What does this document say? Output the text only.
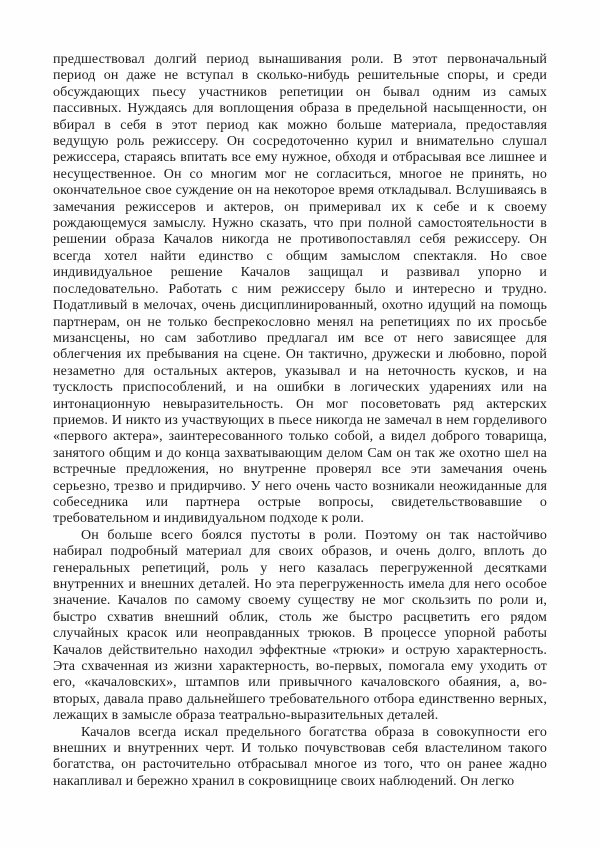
предшествовал долгий период вынашивания роли. В этот первоначальный период он даже не вступал в сколько-нибудь решительные споры, и среди обсуждающих пьесу участников репетиции он бывал одним из самых пассивных. Нуждаясь для воплощения образа в предельной насыщенности, он вбирал в себя в этот период как можно больше материала, предоставляя ведущую роль режиссеру. Он сосредоточенно курил и внимательно слушал режиссера, стараясь впитать все ему нужное, обходя и отбрасывая все лишнее и несущественное. Он со многим мог не согласиться, многое не принять, но окончательное свое суждение он на некоторое время откладывал. Вслушиваясь в замечания режиссеров и актеров, он примеривал их к себе и к своему рождающемуся замыслу. Нужно сказать, что при полной самостоятельности в решении образа Качалов никогда не противопоставлял себя режиссеру. Он всегда хотел найти единство с общим замыслом спектакля. Но свое индивидуальное решение Качалов защищал и развивал упорно и последовательно. Работать с ним режиссеру было и интересно и трудно. Податливый в мелочах, очень дисциплинированный, охотно идущий на помощь партнерам, он не только беспрекословно менял на репетициях по их просьбе мизансцены, но сам заботливо предлагал им все от него зависящее для облегчения их пребывания на сцене. Он тактично, дружески и любовно, порой незаметно для остальных актеров, указывал и на неточность кусков, и на тусклость приспособлений, и на ошибки в логических ударениях или на интонационную невыразительность. Он мог посоветовать ряд актерских приемов. И никто из участвующих в пьесе никогда не замечал в нем горделивого «первого актера», заинтересованного только собой, а видел доброго товарища, занятого общим и до конца захватывающим делом Сам он так же охотно шел на встречные предложения, но внутренне проверял все эти замечания очень серьезно, трезво и придирчиво. У него очень часто возникали неожиданные для собеседника или партнера острые вопросы, свидетельствовавшие о требовательном и индивидуальном подходе к роли.

Он больше всего боялся пустоты в роли. Поэтому он так настойчиво набирал подробный материал для своих образов, и очень долго, вплоть до генеральных репетиций, роль у него казалась перегруженной десятками внутренних и внешних деталей. Но эта перегруженность имела для него особое значение. Качалов по самому своему существу не мог скользить по роли и, быстро схватив внешний облик, столь же быстро расцветить его рядом случайных красок или неоправданных трюков. В процессе упорной работы Качалов действительно находил эффектные «трюки» и острую характерность. Эта схваченная из жизни характерность, во-первых, помогала ему уходить от его, «качаловских», штампов или привычного качаловского обаяния, а, во-вторых, давала право дальнейшего требовательного отбора единственно верных, лежащих в замысле образа театрально-выразительных деталей.

Качалов всегда искал предельного богатства образа в совокупности его внешних и внутренних черт. И только почувствовав себя властелином такого богатства, он расточительно отбрасывал многое из того, что он ранее жадно накапливал и бережно хранил в сокровищнице своих наблюдений. Он легко
